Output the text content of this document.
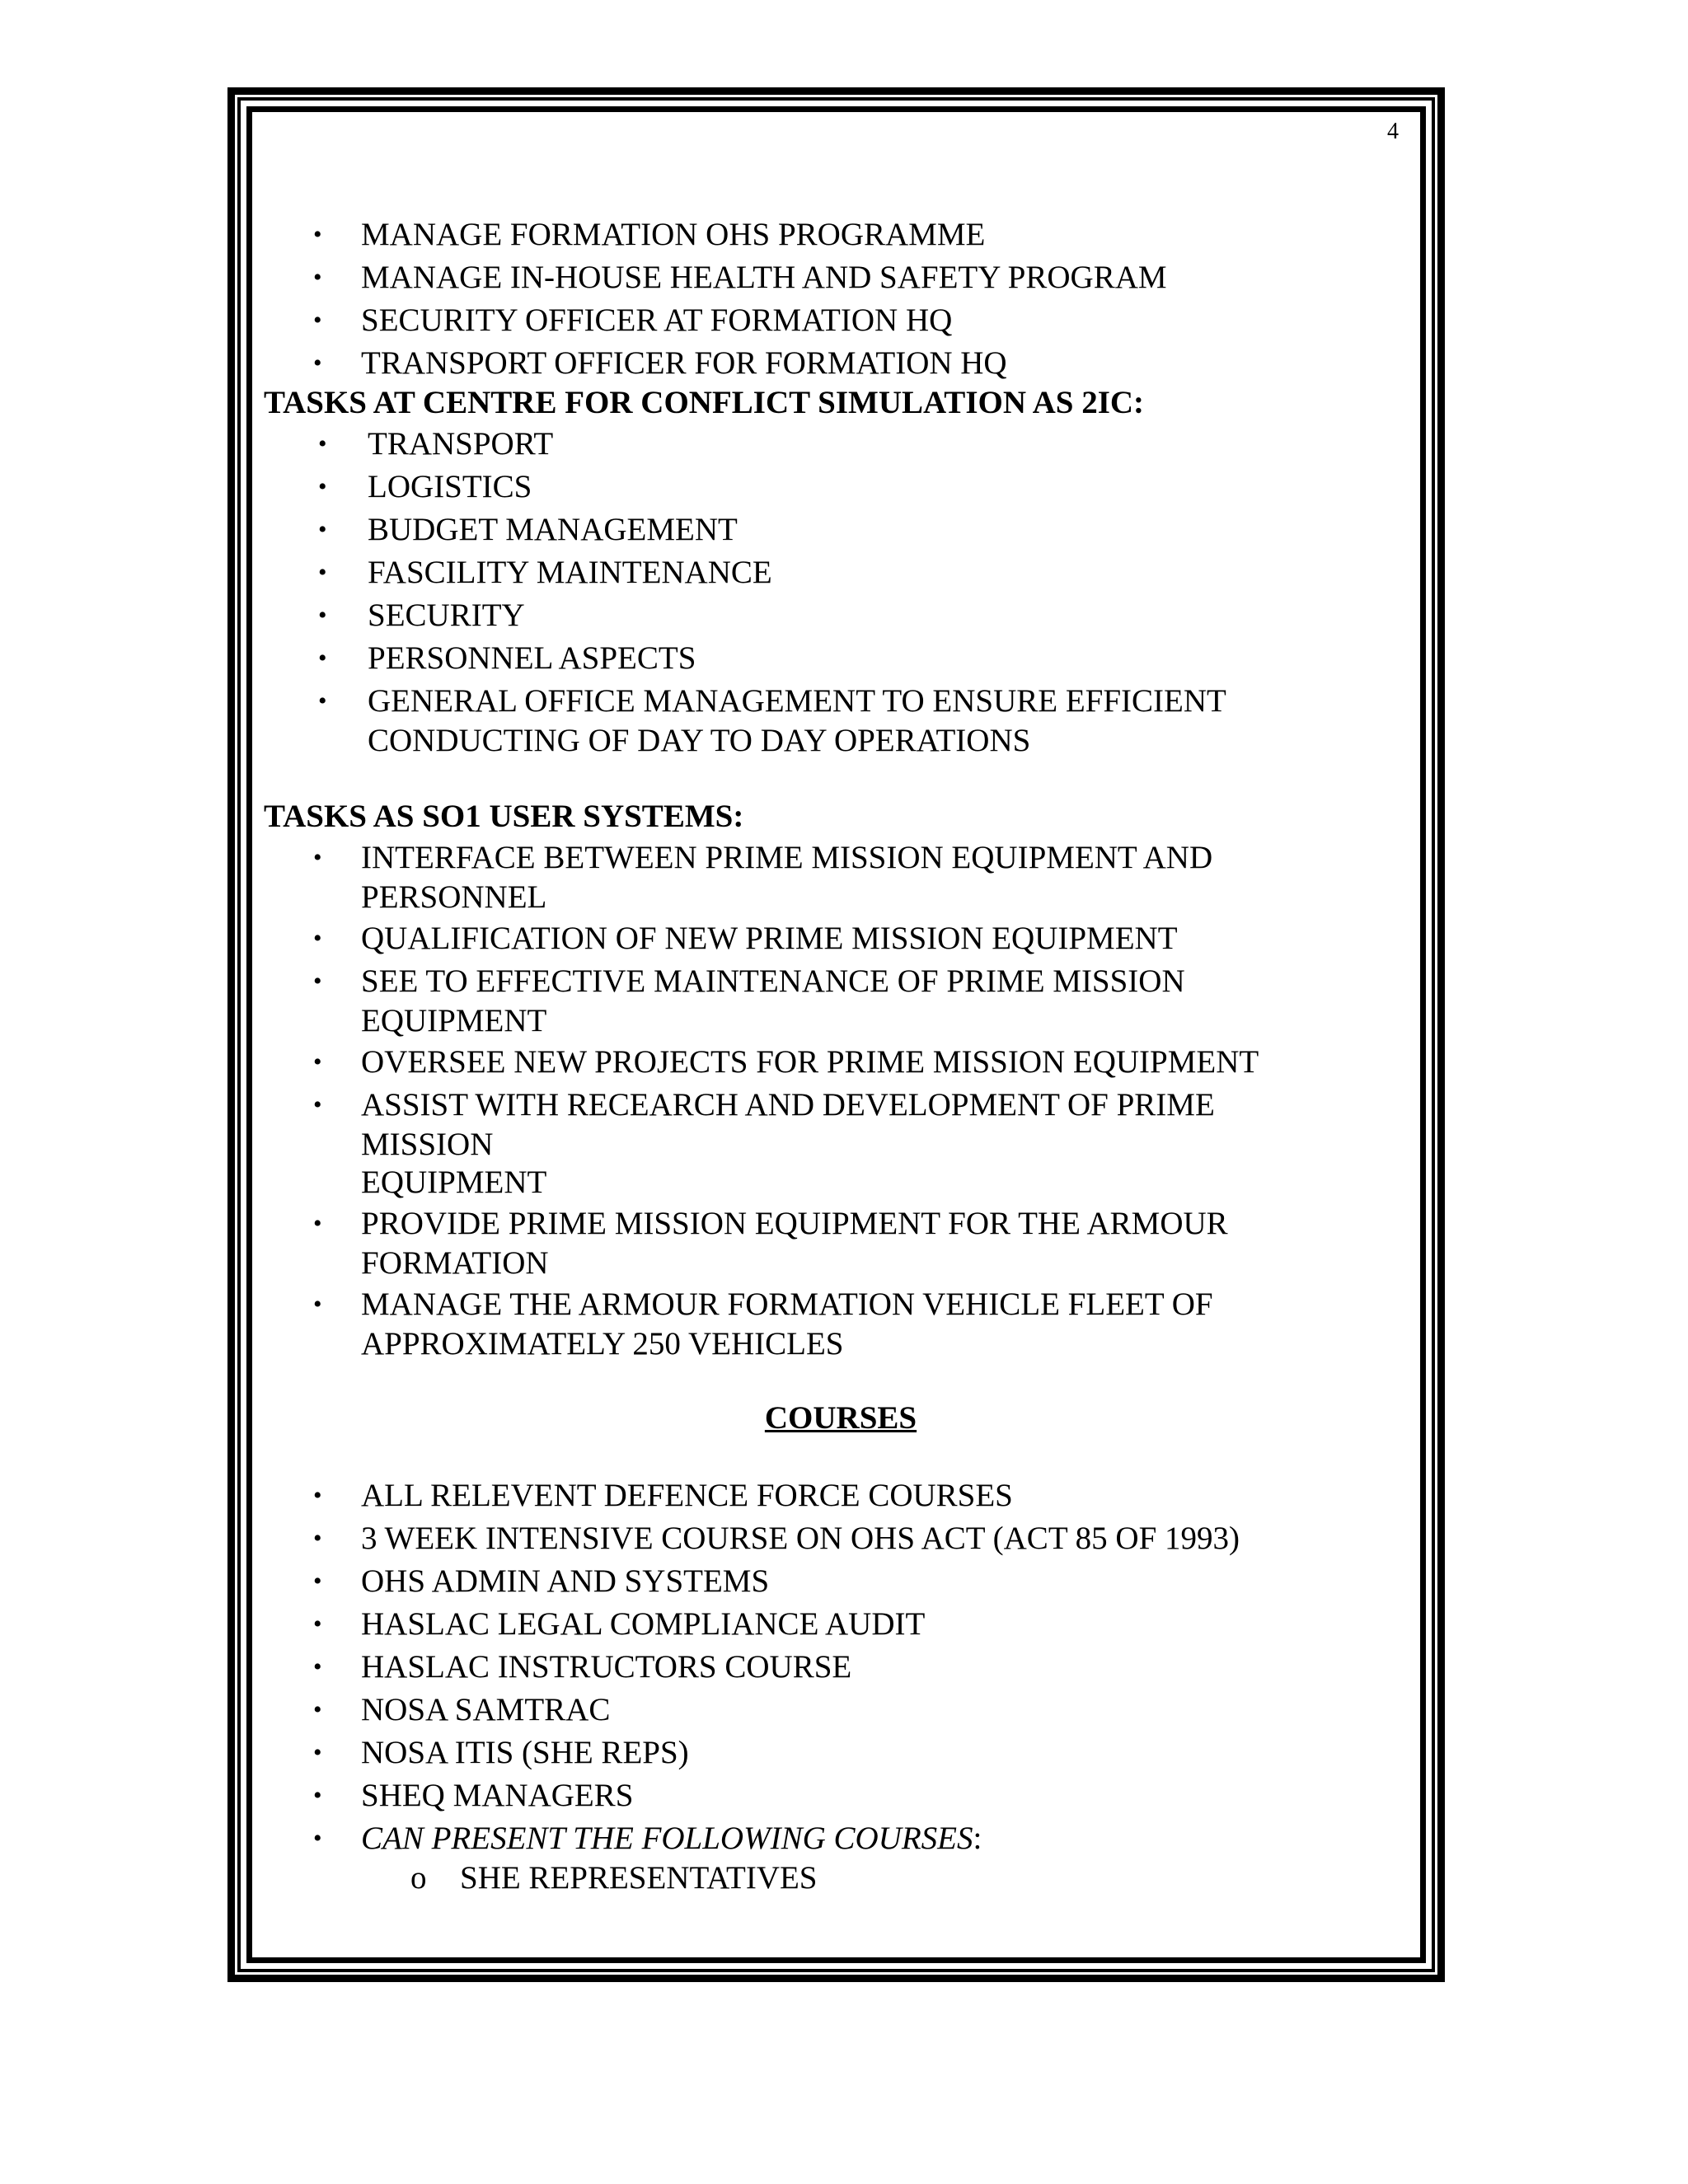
4
• MANAGE FORMATION OHS PROGRAMME
• MANAGE IN-HOUSE HEALTH AND SAFETY PROGRAM
• SECURITY OFFICER AT FORMATION HQ
• TRANSPORT OFFICER FOR FORMATION HQ
TASKS AT CENTRE FOR CONFLICT SIMULATION AS 2IC:
• TRANSPORT
• LOGISTICS
• BUDGET MANAGEMENT
• FASCILITY MAINTENANCE
• SECURITY
• PERSONNEL ASPECTS
• GENERAL OFFICE MANAGEMENT TO ENSURE EFFICIENT
CONDUCTING OF DAY TO DAY OPERATIONS
TASKS AS SO1 USER SYSTEMS:
• INTERFACE BETWEEN PRIME MISSION EQUIPMENT AND
PERSONNEL
• QUALIFICATION OF NEW PRIME MISSION EQUIPMENT
• SEE TO EFFECTIVE MAINTENANCE OF PRIME MISSION
EQUIPMENT
• OVERSEE NEW PROJECTS FOR PRIME MISSION EQUIPMENT
• ASSIST WITH RECEARCH AND DEVELOPMENT OF PRIME
MISSION
EQUIPMENT
• PROVIDE PRIME MISSION EQUIPMENT FOR THE ARMOUR
FORMATION
• MANAGE THE ARMOUR FORMATION VEHICLE FLEET OF
APPROXIMATELY 250 VEHICLES
COURSES
• ALL RELEVENT DEFENCE FORCE COURSES
• 3 WEEK INTENSIVE COURSE ON OHS ACT (ACT 85 OF 1993)
• OHS ADMIN AND SYSTEMS
• HASLAC LEGAL COMPLIANCE AUDIT
• HASLAC INSTRUCTORS COURSE
• NOSA SAMTRAC
• NOSA ITIS (SHE REPS)
• SHEQ MANAGERS
• CAN PRESENT THE FOLLOWING COURSES:
o SHE REPRESENTATIVES
